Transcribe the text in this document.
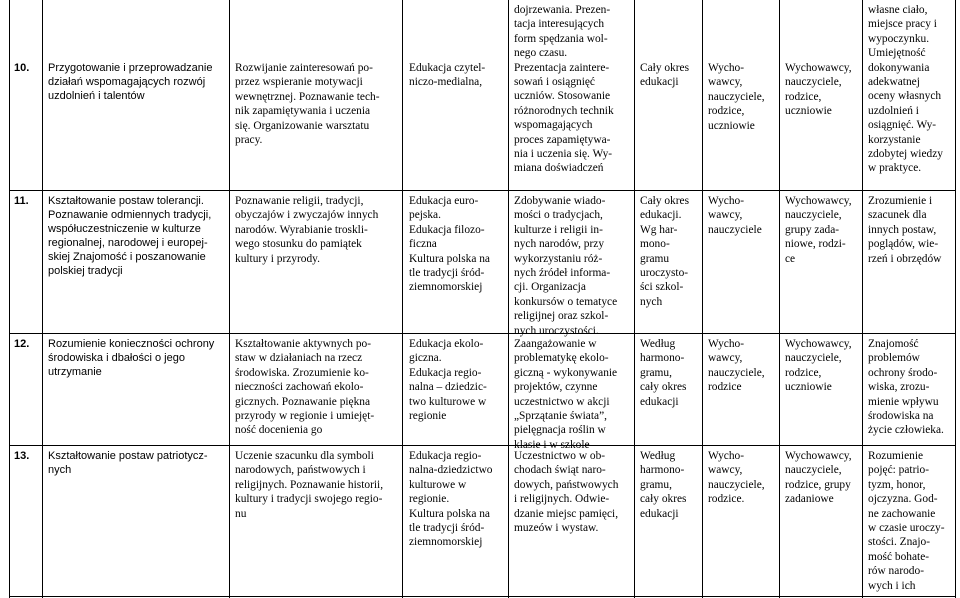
10. Przygotowanie i przeprowadzanie
działań wspomagających rozwój
uzdolnień i talentów
Rozwijanie zainteresowań po-
przez wspieranie motywacji
wewnętrznej. Poznawanie tech-
nik zapamiętywania i uczenia
się. Organizowanie warsztatu
pracy.
Edukacja czytel-
niczo-medialna,
dojrzewania. Prezen-
tacja interesujących
form spędzania wol-
nego czasu.
Prezentacja zaintere-
sowań i osiągnięć
uczniów. Stosowanie
różnorodnych technik
wspomagających
proces zapamiętywa-
nia i uczenia się. Wy-
miana doświadczeń
Cały okres
edukacji
Wycho-
wawcy,
nauczyciele,
rodzice,
uczniowie
Wychowawcy,
nauczyciele,
rodzice,
uczniowie
własne ciało,
miejsce pracy i
wypoczynku.
Umiejętność
dokonywania
adekwatnej
oceny własnych
uzdolnień i
osiągnięć. Wy-
korzystanie
zdobytej wiedzy
w praktyce.
11. Kształtowanie postaw tolerancji.
Poznawanie odmiennych tradycji,
współuczestniczenie w kulturze
regionalnej, narodowej i europej-
skiej Znajomość i poszanowanie
polskiej tradycji
Poznawanie religii, tradycji,
obyczajów i zwyczajów innych
narodów. Wyrabianie troskli-
wego stosunku do pamiątek
kultury i przyrody.
Edukacja euro-
pejska.
Edukacja filozo-
ficzna
Kultura polska na
tle tradycji śród-
ziemnomorskiej
Zdobywanie wiado-
mości o tradycjach,
kulturze i religii in-
nych narodów, przy
wykorzystaniu róż-
nych źródeł informa-
cji. Organizacja
konkursów o tematyce
religijnej oraz szkol-
nych uroczystości.
Cały okres
edukacji.
Wg har-
mono-
gramu
uroczysto-
ści szkol-
nych
Wycho-
wawcy,
nauczyciele
Wychowawcy,
nauczyciele,
grupy zada-
niowe, rodzi-
ce
Zrozumienie i
szacunek dla
innych postaw,
poglądów, wie-
rzeń i obrzędów
12. Rozumienie konieczności ochrony
środowiska i dbałości o jego
utrzymanie
Kształtowanie aktywnych po-
staw w działaniach na rzecz
środowiska. Zrozumienie ko-
nieczności zachowań ekolo-
gicznych. Poznawanie piękna
przyrody w regionie i umiejęt-
ność docenienia go
Edukacja ekolo-
giczna.
Edukacja regio-
nalna – dziedzic-
two kulturowe w
regionie
Zaangażowanie w
problematykę ekolo-
giczną - wykonywanie
projektów, czynne
uczestnictwo w akcji
„Sprzątanie świata”,
pielęgnacja roślin w
klasie i w szkole
Według
harmono-
gramu,
cały okres
edukacji
Wycho-
wawcy,
nauczyciele,
rodzice
Wychowawcy,
nauczyciele,
rodzice,
uczniowie
Znajomość
problemów
ochrony środo-
wiska, zrozu-
mienie wpływu
środowiska na
życie człowieka.
13. Kształtowanie postaw patriotycz-
nych
Uczenie szacunku dla symboli
narodowych, państwowych i
religijnych. Poznawanie historii,
kultury i tradycji swojego regio-
nu
Edukacja regio-
nalna-dziedzictwo
kulturowe w
regionie.
Kultura polska na
tle tradycji śród-
ziemnomorskiej
Uczestnictwo w ob-
chodach świąt naro-
dowych, państwowych
i religijnych. Odwie-
dzanie miejsc pamięci,
muzeów i wystaw.
Według
harmono-
gramu,
cały okres
edukacji
Wycho-
wawcy,
nauczyciele,
rodzice.
Wychowawcy,
nauczyciele,
rodzice, grupy
zadaniowe
Rozumienie
pojęć: patrio-
tyzm, honor,
ojczyzna. God-
ne zachowanie
w czasie uroczy-
stości. Znajo-
mość bohate-
rów narodo-
wych i ich
